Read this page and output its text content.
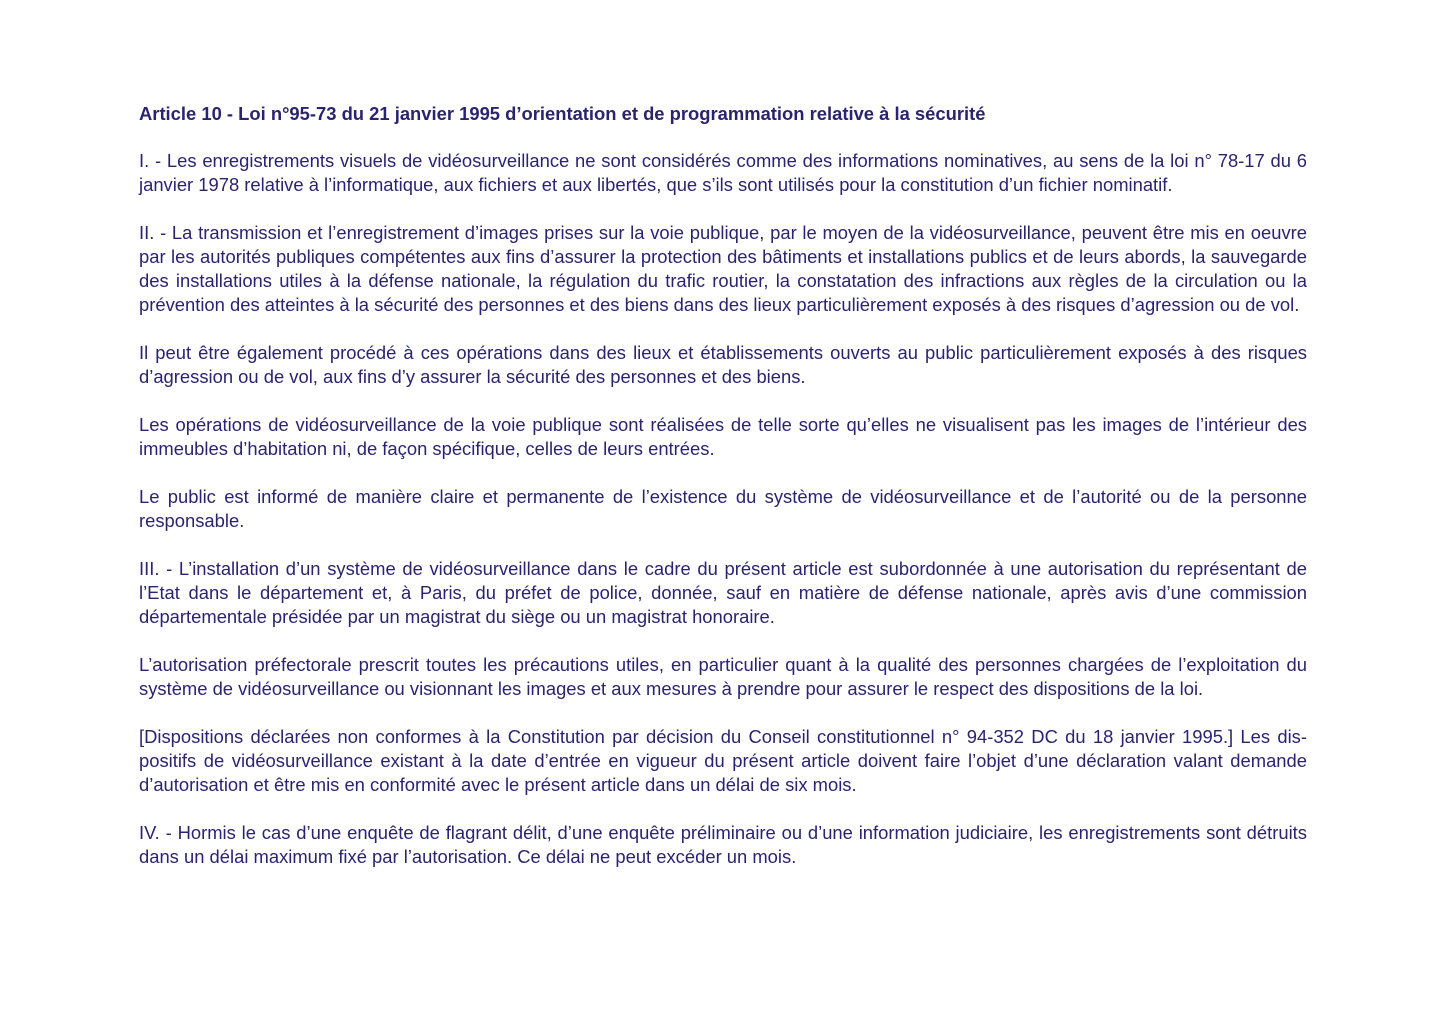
Article 10 - Loi n°95-73 du 21 janvier 1995 d’orientation et de programmation relative à la sécurité

I. - Les enregistrements visuels de vidéosurveillance ne sont considérés comme des informations nominatives, au sens de la loi n° 78-17 du 6 janvier 1978 relative à l’informatique, aux fichiers et aux libertés, que s’ils sont utilisés pour la constitution d’un fichier nominatif.

II. - La transmission et l’enregistrement d’images prises sur la voie publique, par le moyen de la vidéosurveillance, peuvent être mis en oeuvre par les autorités publiques compétentes aux fins d’assurer la protection des bâtiments et installations publics et de leurs abords, la sauvegarde des installations utiles à la défense nationale, la régulation du trafic routier, la constatation des infractions aux règles de la circulation ou la prévention des atteintes à la sécurité des personnes et des biens dans des lieux particulièrement exposés à des risques d’agression ou de vol.

Il peut être également procédé à ces opérations dans des lieux et établissements ouverts au public particulièrement exposés à des risques d’agression ou de vol, aux fins d’y assurer la sécurité des personnes et des biens.

Les opérations de vidéosurveillance de la voie publique sont réalisées de telle sorte qu’elles ne visualisent pas les images de l’intérieur des immeubles d’habitation ni, de façon spécifique, celles de leurs entrées.

Le public est informé de manière claire et permanente de l’existence du système de vidéosurveillance et de l’autorité ou de la personne responsable.

III. - L’installation d’un système de vidéosurveillance dans le cadre du présent article est subordonnée à une autorisation du représentant de l’Etat dans le département et, à Paris, du préfet de police, donnée, sauf en matière de défense nationale, après avis d’une commission départementale présidée par un magistrat du siège ou un magistrat honoraire.

L’autorisation préfectorale prescrit toutes les précautions utiles, en particulier quant à la qualité des personnes chargées de l’exploitation du système de vidéosurveillance ou visionnant les images et aux mesures à prendre pour assurer le respect des dispositions de la loi.

[Dispositions déclarées non conformes à la Constitution par décision du Conseil constitutionnel n° 94-352 DC du 18 janvier 1995.] Les dis-positifs de vidéosurveillance existant à la date d’entrée en vigueur du présent article doivent faire l’objet d’une déclaration valant demande d’autorisation et être mis en conformité avec le présent article dans un délai de six mois.

IV. - Hormis le cas d’une enquête de flagrant délit, d’une enquête préliminaire ou d’une information judiciaire, les enregistrements sont détruits dans un délai maximum fixé par l’autorisation. Ce délai ne peut excéder un mois.
